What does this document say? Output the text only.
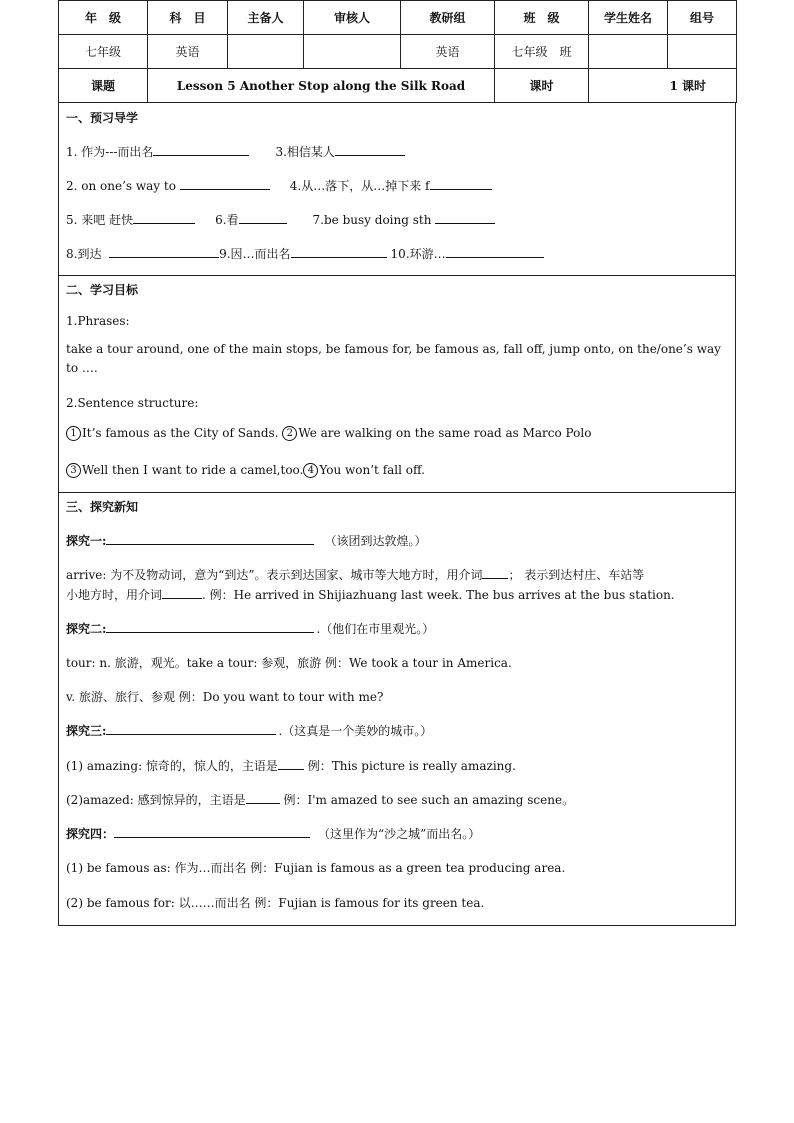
年　级	科　目	主备人	审核人	教研组	班　级	学生姓名	组号
七年级	英语			英语	七年级　班		
课题	Lesson 5 Another Stop along the Silk Road				课时	1 课时	
一、预习导学
1. 作为---而出名	3.相信某人
2. on one’s way to	4.从…落下，从…掉下来 f
5. 来吧 赶快	6.看	7.be busy doing sth
8.到达	9.因…而出名	10.环游…
二、学习目标
1.Phrases:
take a tour around, one of the main stops, be famous for, be famous as, fall off, jump onto, on the/one’s way to ….
2.Sentence structure:
1 It’s famous as the City of Sands. 2 We are walking on the same road as Marco Polo
3 Well then I want to ride a camel,too. 4 You won’t fall off.
三、探究新知
探究一:	（该团到达敦煌。）
arrive: 为不及物动词，意为“到达”。表示到达国家、城市等大地方时，用介词 ； 表示到达村庄、车站等
小地方时，用介词	. 例：He arrived in Shijiazhuang last week. The bus arrives at the bus station.
探究二:	.（他们在市里观光。）
tour: n. 旅游，观光。take a tour: 参观，旅游 例：We took a tour in America.
v. 旅游、旅行、参观 例：Do you want to tour with me?
探究三:	.（这真是一个美妙的城市。）
(1) amazing: 惊奇的，惊人的，主语是 例：This picture is really amazing.
(2)amazed: 感到惊异的，主语是	例：I'm amazed to see such an amazing scene。
探究四：	（这里作为“沙之城”而出名。）
(1) be famous as: 作为…而出名 例：Fujian is famous as a green tea producing area.
(2) be famous for: 以……而出名 例：Fujian is famous for its green tea.
